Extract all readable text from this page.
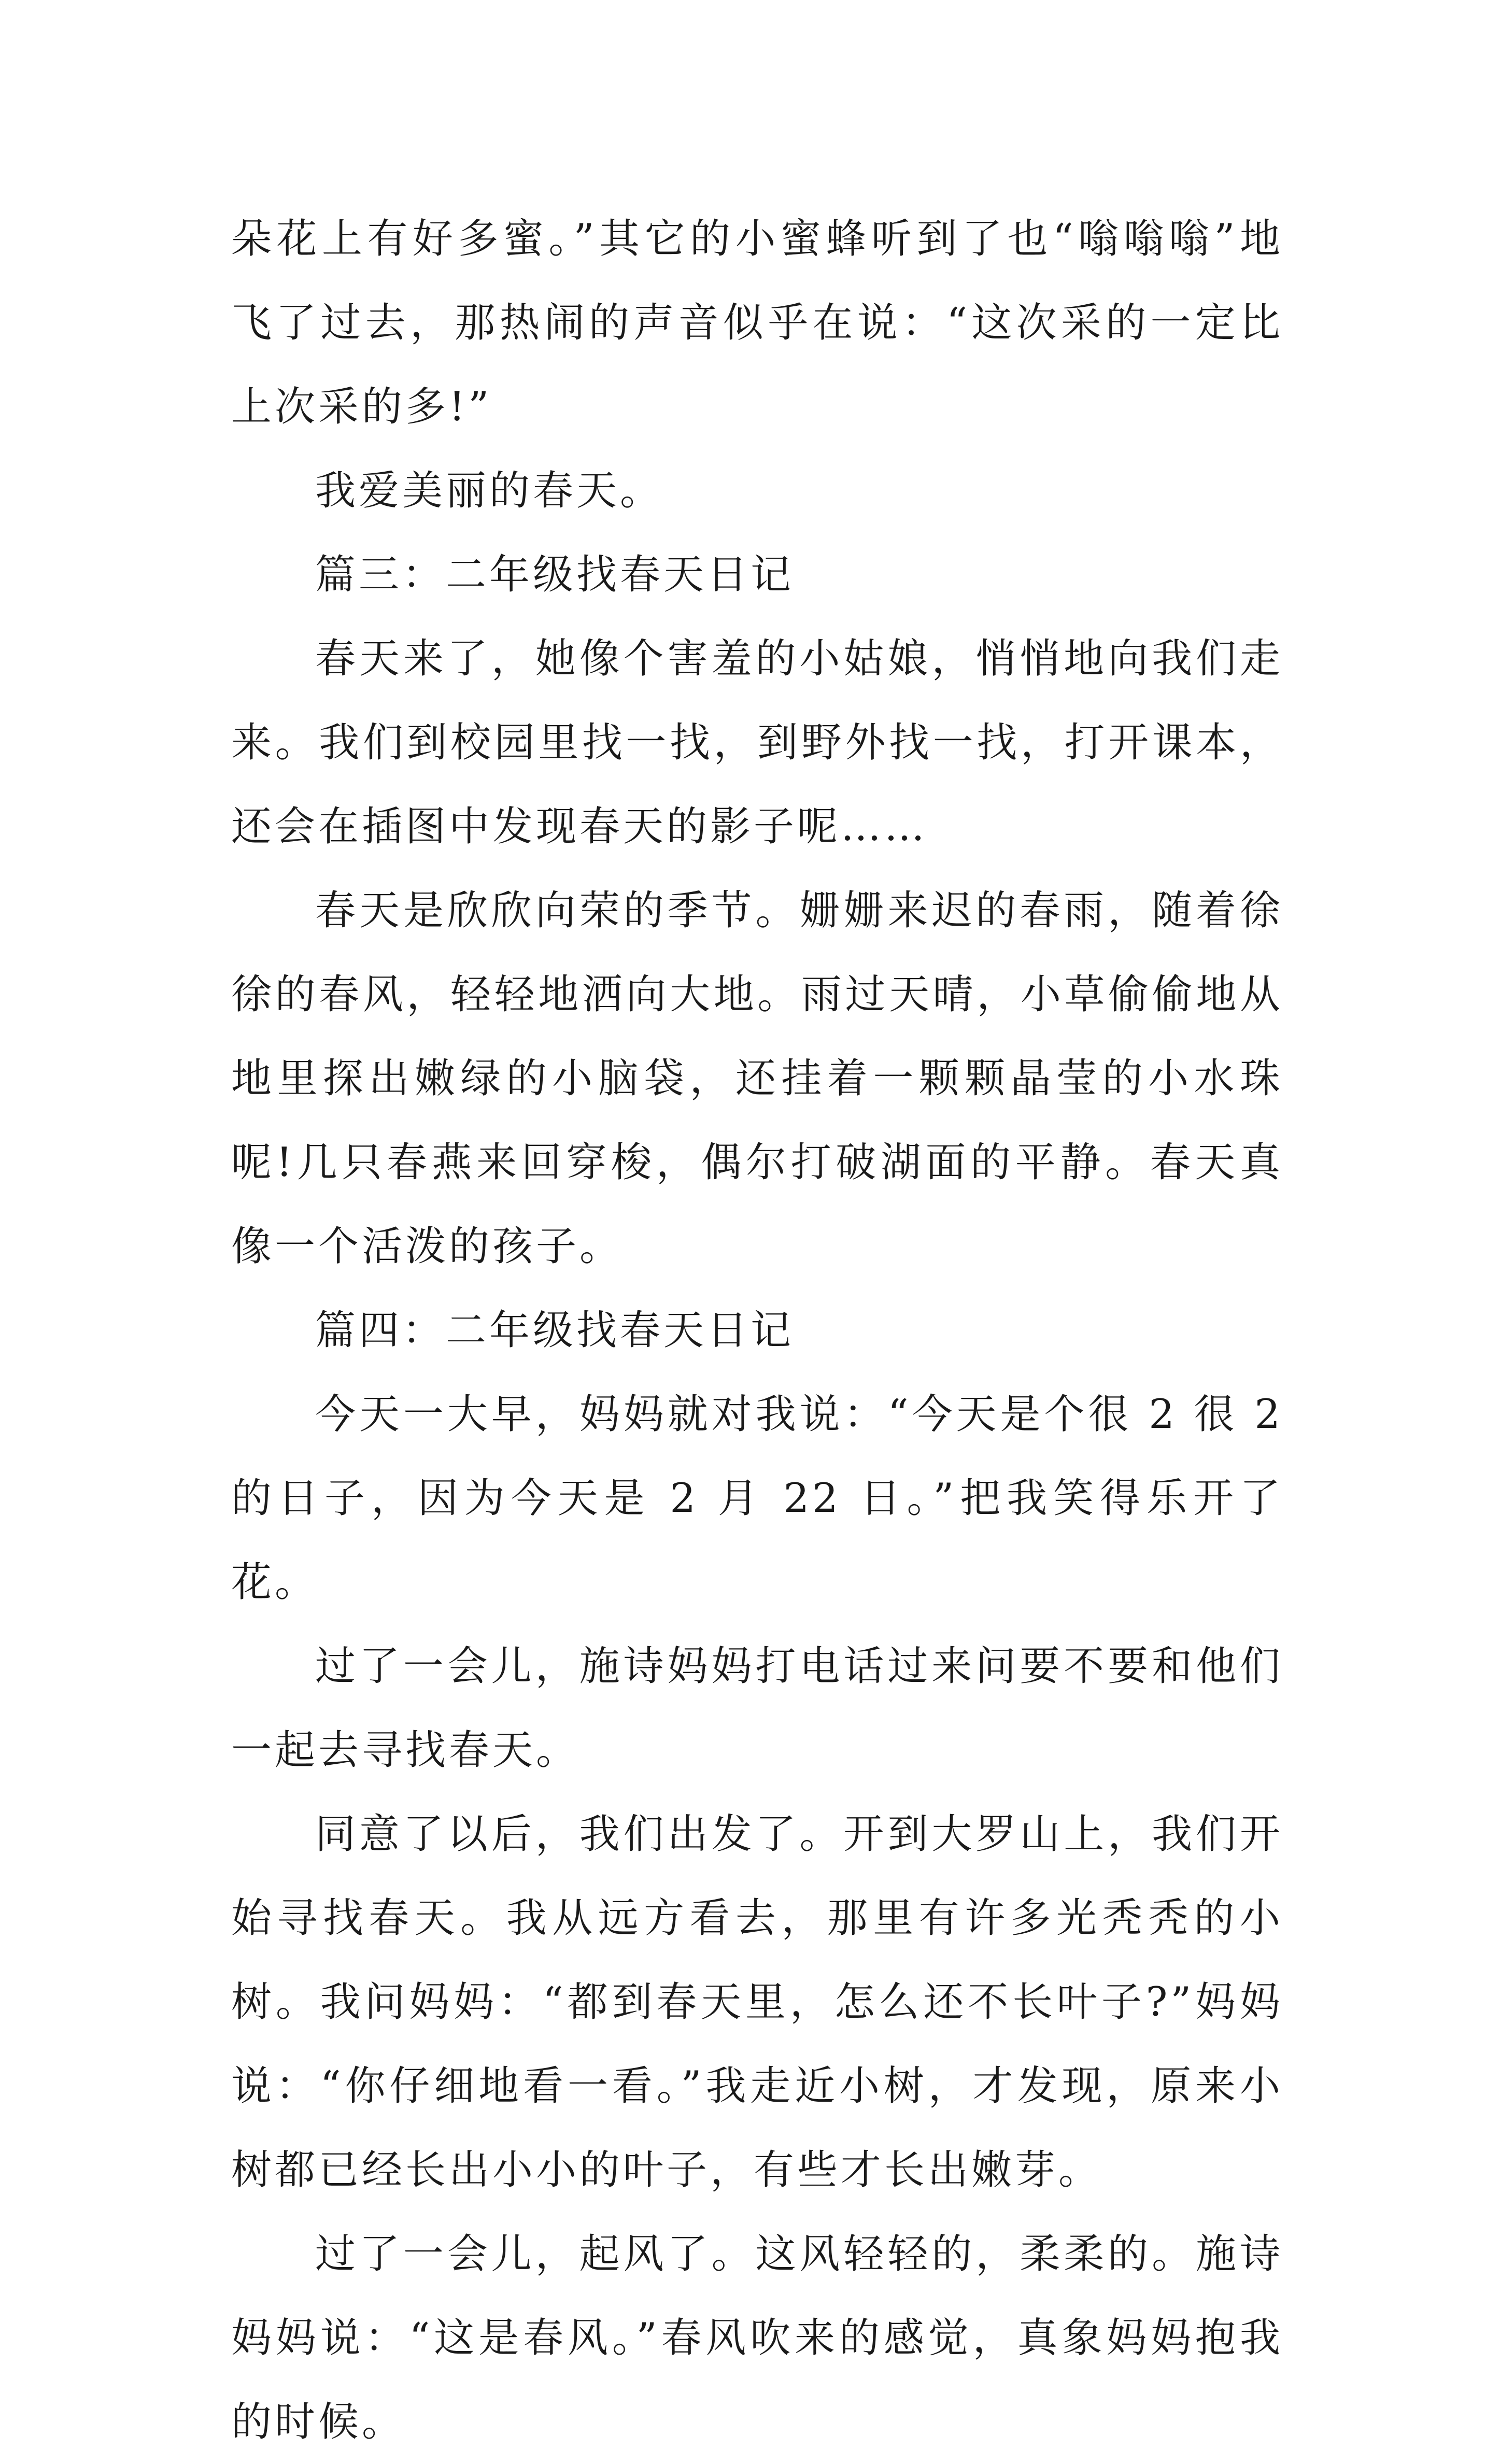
朵花上有好多蜜。”其它的小蜜蜂听到了也“嗡嗡嗡”地飞了过去，那热闹的声音似乎在说：“这次采的一定比上次采的多!”

我爱美丽的春天。

篇三：二年级找春天日记

春天来了，她像个害羞的小姑娘，悄悄地向我们走来。我们到校园里找一找，到野外找一找，打开课本，还会在插图中发现春天的影子呢……

春天是欣欣向荣的季节。姗姗来迟的春雨，随着徐徐的春风，轻轻地洒向大地。雨过天晴，小草偷偷地从地里探出嫩绿的小脑袋，还挂着一颗颗晶莹的小水珠呢!几只春燕来回穿梭，偶尔打破湖面的平静。春天真像一个活泼的孩子。

篇四：二年级找春天日记

今天一大早，妈妈就对我说：“今天是个很 2 很 2 的日子，因为今天是 2 月 22 日。”把我笑得乐开了花。

过了一会儿，施诗妈妈打电话过来问要不要和他们一起去寻找春天。

同意了以后，我们出发了。开到大罗山上，我们开始寻找春天。我从远方看去，那里有许多光秃秃的小树。我问妈妈：“都到春天里，怎么还不长叶子?”妈妈说：“你仔细地看一看。”我走近小树，才发现，原来小树都已经长出小小的叶子，有些才长出嫩芽。

过了一会儿，起风了。这风轻轻的，柔柔的。施诗妈妈说：“这是春风。”春风吹来的感觉，真象妈妈抱我的时候。
